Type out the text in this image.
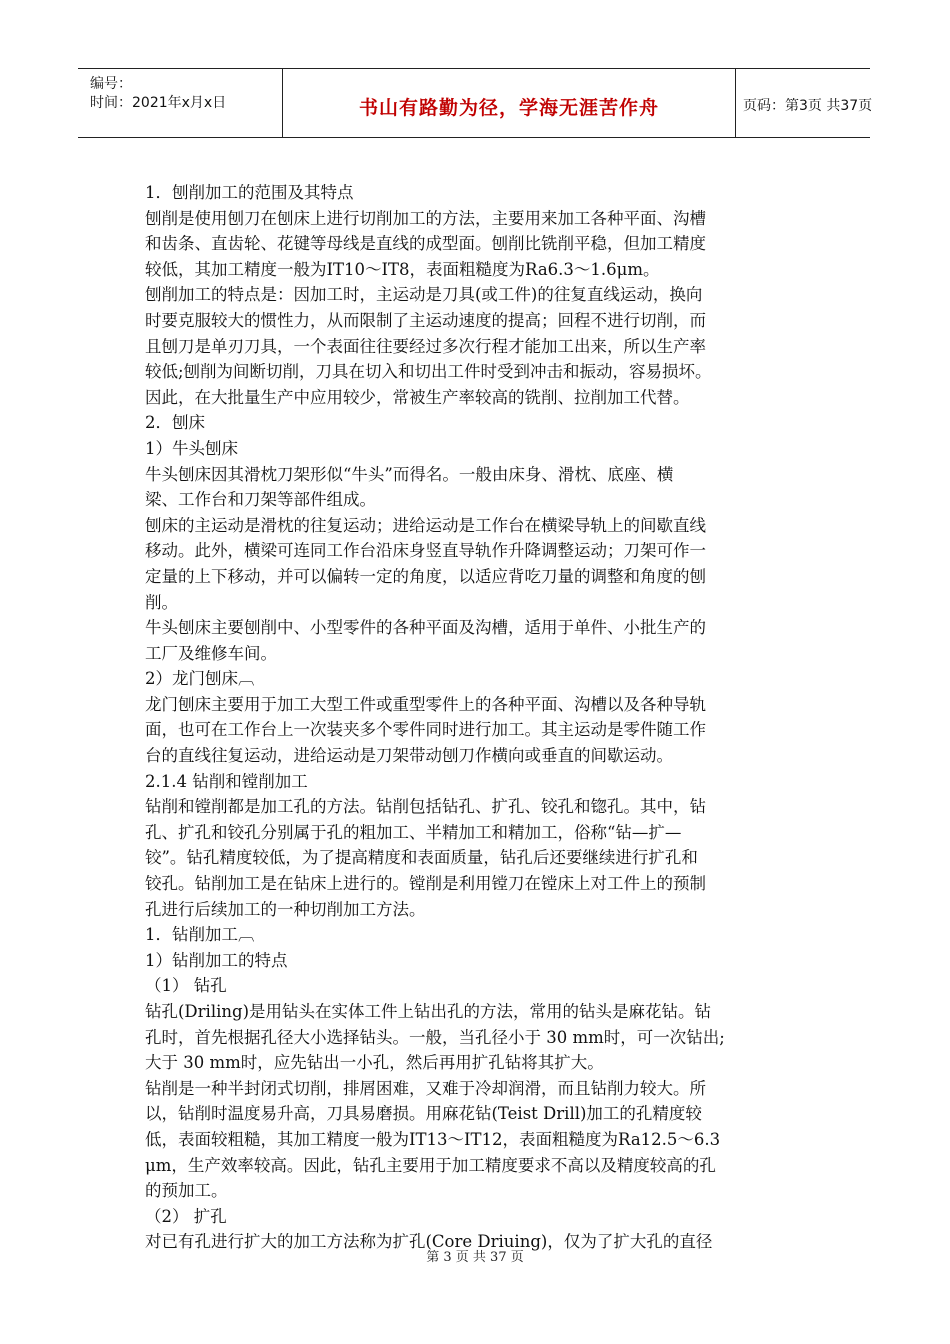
编号：
时间：2021年x月x日	书山有路勤为径，学海无涯苦作舟	页码：第3页 共37页
1．刨削加工的范围及其特点
刨削是使用刨刀在刨床上进行切削加工的方法，主要用来加工各种平面、沟槽
和齿条、直齿轮、花键等母线是直线的成型面。刨削比铣削平稳，但加工精度
较低，其加工精度一般为IT10～IT8，表面粗糙度为Ra6.3～1.6μm。
刨削加工的特点是：因加工时，主运动是刀具(或工件)的往复直线运动，换向
时要克服较大的惯性力，从而限制了主运动速度的提高；回程不进行切削，而
且刨刀是单刃刀具，一个表面往往要经过多次行程才能加工出来，所以生产率
较低;刨削为间断切削，刀具在切入和切出工件时受到冲击和振动，容易损坏。
因此，在大批量生产中应用较少，常被生产率较高的铣削、拉削加工代替。
2．刨床
1）牛头刨床
牛头刨床因其滑枕刀架形似“牛头”而得名。一般由床身、滑枕、底座、横
梁、工作台和刀架等部件组成。
刨床的主运动是滑枕的往复运动；进给运动是工作台在横梁导轨上的间歇直线
移动。此外，横梁可连同工作台沿床身竖直导轨作升降调整运动；刀架可作一
定量的上下移动，并可以偏转一定的角度，以适应背吃刀量的调整和角度的刨
削。
牛头刨床主要刨削中、小型零件的各种平面及沟槽，适用于单件、小批生产的
工厂及维修车间。
2）龙门刨床︹
龙门刨床主要用于加工大型工件或重型零件上的各种平面、沟槽以及各种导轨
面，也可在工作台上一次装夹多个零件同时进行加工。其主运动是零件随工作
台的直线往复运动，进给运动是刀架带动刨刀作横向或垂直的间歇运动。
2.1.4 钻削和镗削加工
钻削和镗削都是加工孔的方法。钻削包括钻孔、扩孔、铰孔和锪孔。其中，钻
孔、扩孔和铰孔分别属于孔的粗加工、半精加工和精加工，俗称“钻—扩—
铰”。钻孔精度较低，为了提高精度和表面质量，钻孔后还要继续进行扩孔和
铰孔。钻削加工是在钻床上进行的。镗削是利用镗刀在镗床上对工件上的预制
孔进行后续加工的一种切削加工方法。
1．钻削加工︹
1）钻削加工的特点
（1） 钻孔
钻孔(Driling)是用钻头在实体工件上钻出孔的方法，常用的钻头是麻花钻。钻
孔时，首先根据孔径大小选择钻头。一般，当孔径小于 30 mm时，可一次钻出;
大于 30 mm时，应先钻出一小孔，然后再用扩孔钻将其扩大。
钻削是一种半封闭式切削，排屑困难，又难于冷却润滑，而且钻削力较大。所
以，钻削时温度易升高，刀具易磨损。用麻花钻(Teist Drill)加工的孔精度较
低，表面较粗糙，其加工精度一般为IT13～IT12，表面粗糙度为Ra12.5～6.3
μm，生产效率较高。因此，钻孔主要用于加工精度要求不高以及精度较高的孔
的预加工。
（2） 扩孔
对已有孔进行扩大的加工方法称为扩孔(Core Driuing)，仅为了扩大孔的直径
第 3 页 共 37 页
